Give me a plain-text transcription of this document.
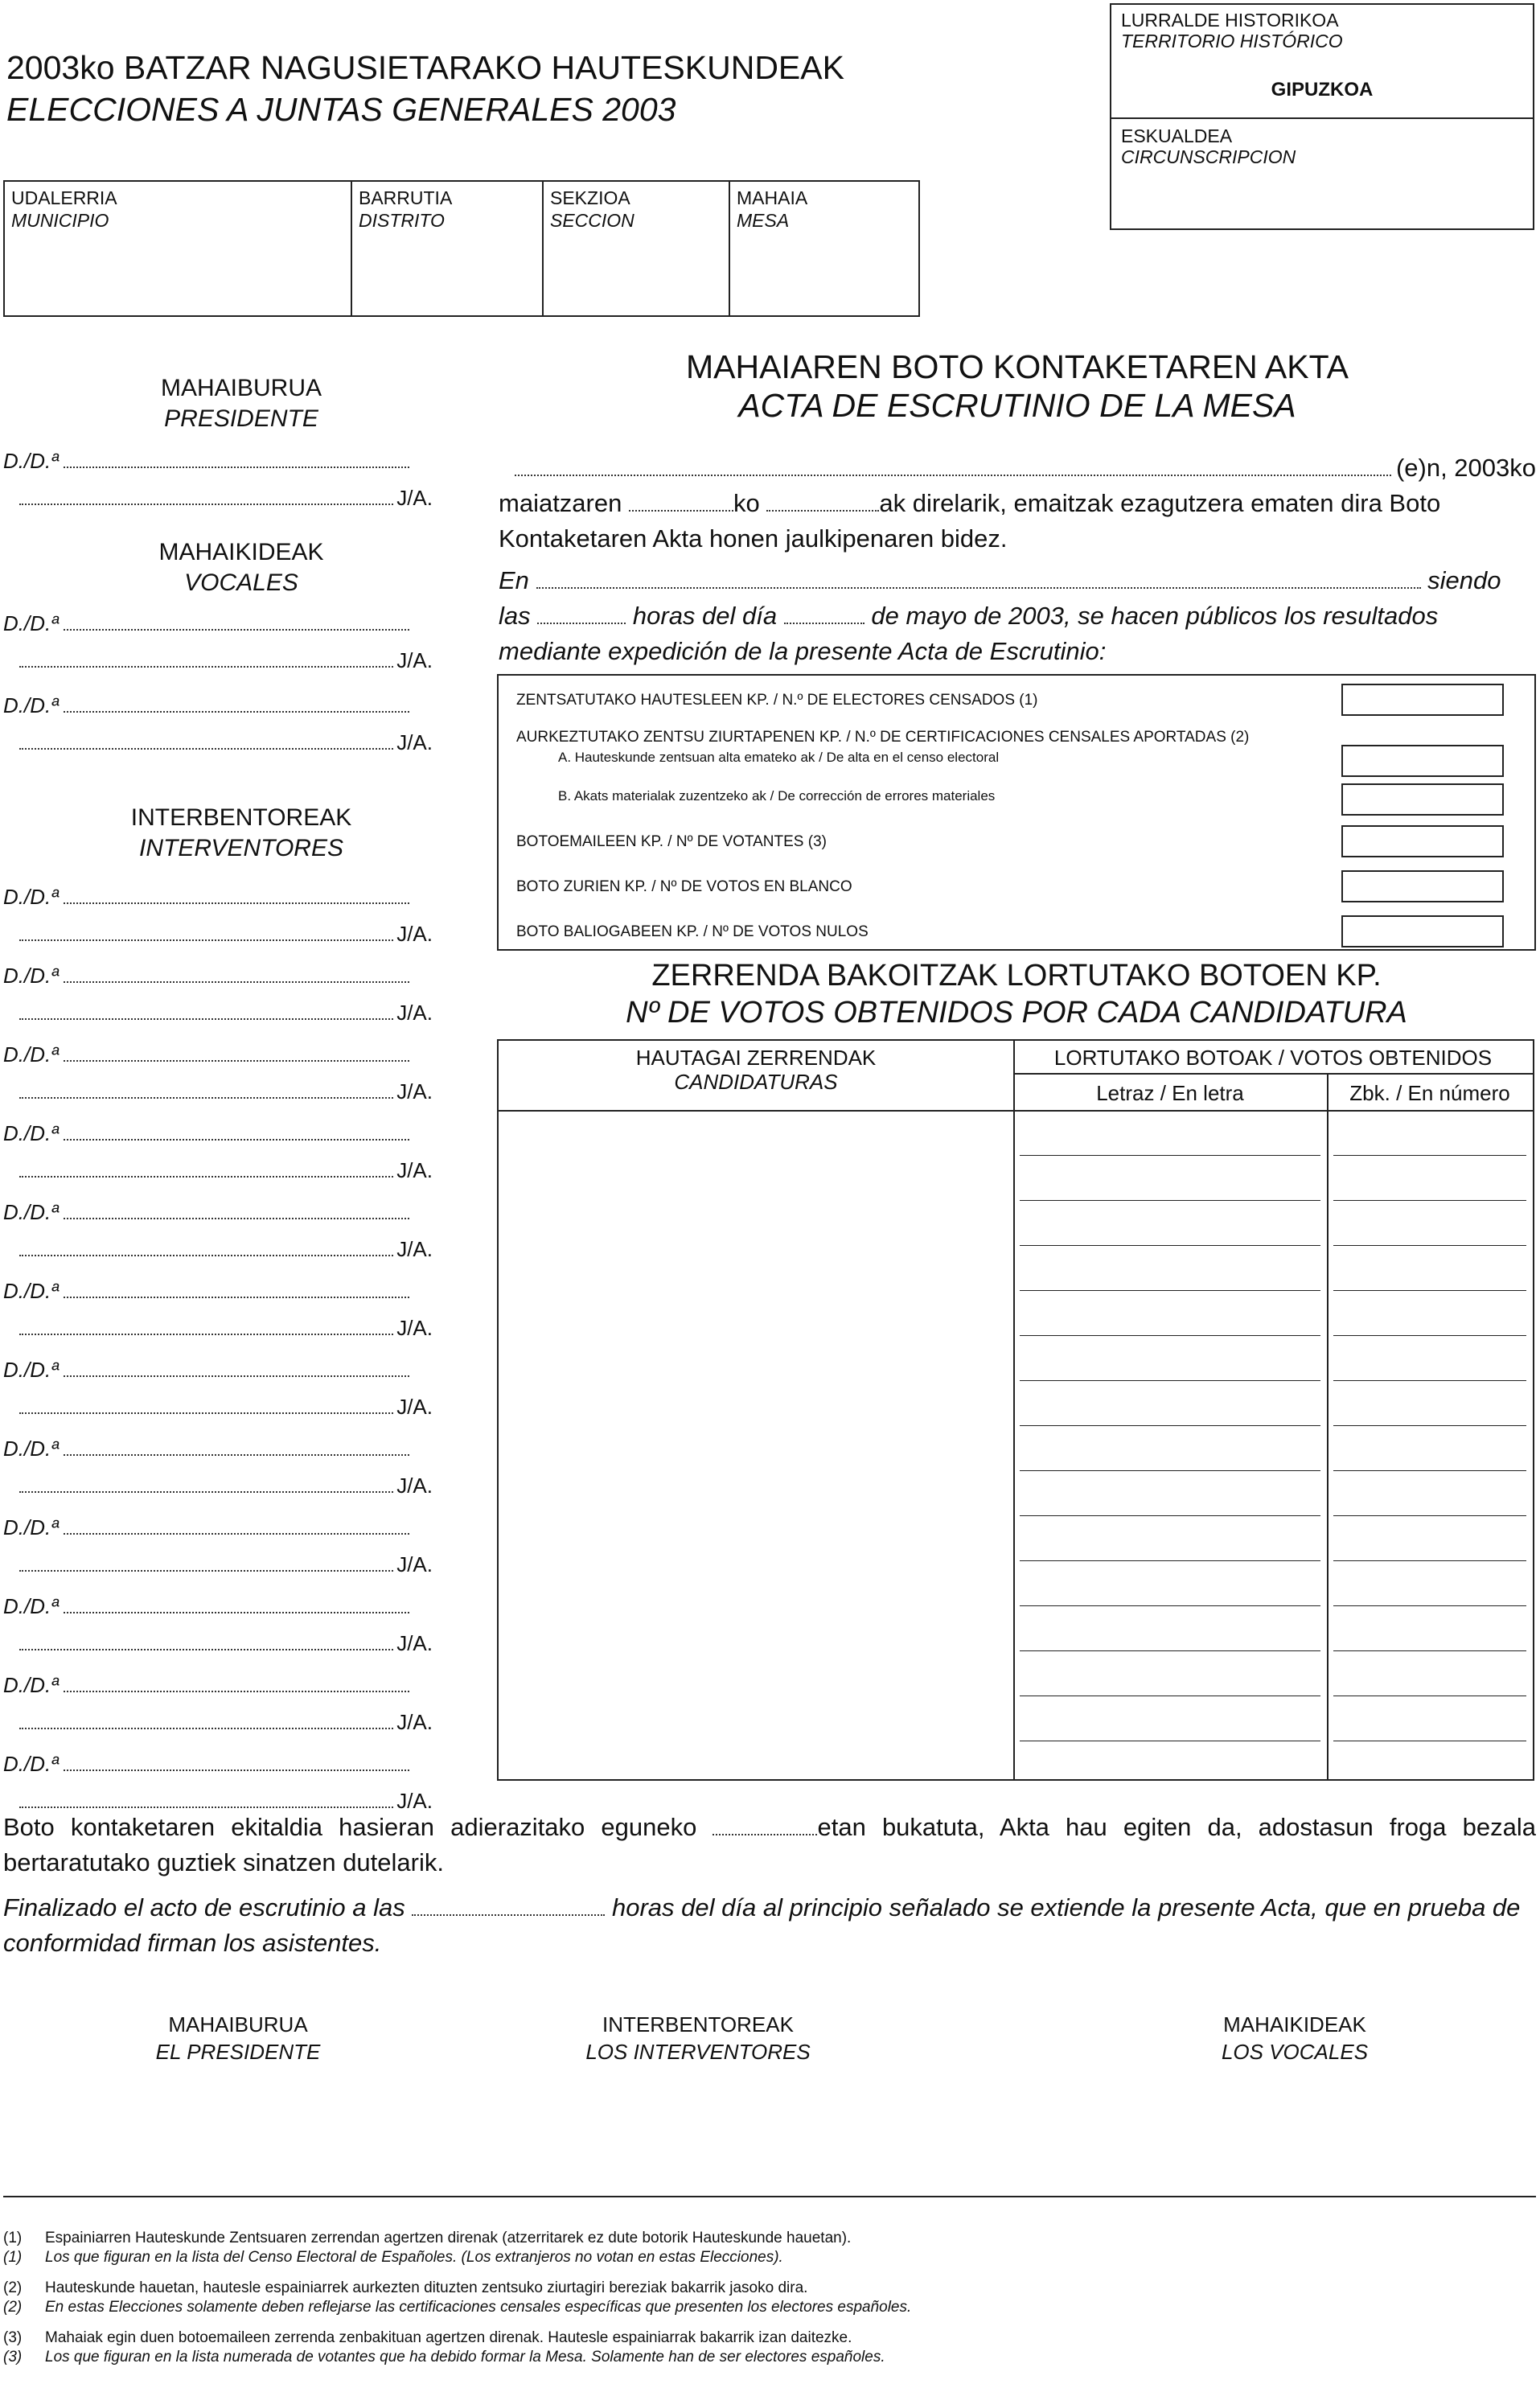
2003ko BATZAR NAGUSIETARAKO HAUTESKUNDEAK
ELECCIONES A JUNTAS GENERALES 2003
LURRALDE HISTORIKOA
TERRITORIO HISTÓRICO
GIPUZKOA
ESKUALDEA
CIRCUNSCRIPCION
UDALERRIA
MUNICIPIO
BARRUTIA
DISTRITO
SEKZIOA
SECCION
MAHAIA
MESA
MAHAIBURUA
PRESIDENTE
MAHAIKIDEAK
VOCALES
INTERBENTOREAK
INTERVENTORES
D./D.ª
J/A.
D./D.ª
J/A.
D./D.ª
J/A.
D./D.ª
J/A.
D./D.ª
J/A.
D./D.ª
J/A.
D./D.ª
J/A.
D./D.ª
J/A.
D./D.ª
J/A.
D./D.ª
J/A.
D./D.ª
J/A.
D./D.ª
J/A.
D./D.ª
J/A.
D./D.ª
J/A.
D./D.ª
J/A.
MAHAIAREN BOTO KONTAKETAREN AKTA
ACTA DE ESCRUTINIO DE LA MESA
(e)n, 2003ko
maiatzaren	ko	ak direlarik, emaitzak ezagutzera ematen dira Boto
Kontaketaren Akta honen jaulkipenaren bidez.
En	siendo
las	horas del día	de mayo de 2003, se hacen públicos los resultados
mediante expedición de la presente Acta de Escrutinio:
ZENTSATUTAKO HAUTESLEEN KP. / N.º DE ELECTORES CENSADOS (1)
AURKEZTUTAKO ZENTSU ZIURTAPENEN KP. / N.º DE CERTIFICACIONES CENSALES APORTADAS (2)
A. Hauteskunde zentsuan alta emateko ak / De alta en el censo electoral
B. Akats materialak zuzentzeko ak / De corrección de errores materiales
BOTOEMAILEEN KP. / Nº DE VOTANTES (3)
BOTO ZURIEN KP. / Nº DE VOTOS EN BLANCO
BOTO BALIOGABEEN KP. / Nº DE VOTOS NULOS
ZERRENDA BAKOITZAK LORTUTAKO BOTOEN KP.
Nº DE VOTOS OBTENIDOS POR CADA CANDIDATURA
HAUTAGAI ZERRENDAK
CANDIDATURAS
LORTUTAKO BOTOAK / VOTOS OBTENIDOS
Letraz / En letra	Zbk. / En número
Boto kontaketaren ekitaldia hasieran adierazitako eguneko	etan bukatuta, Akta hau egiten da, adostasun froga bezala bertaratutako guztiek sinatzen dutelarik.
Finalizado el acto de escrutinio a las	horas del día al principio señalado se extiende la presente Acta, que en prueba de conformidad firman los asistentes.
MAHAIBURUA
EL PRESIDENTE
INTERBENTOREAK
LOS INTERVENTORES
MAHAIKIDEAK
LOS VOCALES
(1) Espainiarren Hauteskunde Zentsuaren zerrendan agertzen direnak (atzerritarek ez dute botorik Hauteskunde hauetan).
(1) Los que figuran en la lista del Censo Electoral de Españoles. (Los extranjeros no votan en estas Elecciones).
(2) Hauteskunde hauetan, hautesle espainiarrek aurkezten dituzten zentsuko ziurtagiri bereziak bakarrik jasoko dira.
(2) En estas Elecciones solamente deben reflejarse las certificaciones censales específicas que presenten los electores españoles.
(3) Mahaiak egin duen botoemaileen zerrenda zenbakituan agertzen direnak. Hautesle espainiarrak bakarrik izan daitezke.
(3) Los que figuran en la lista numerada de votantes que ha debido formar la Mesa. Solamente han de ser electores españoles.
